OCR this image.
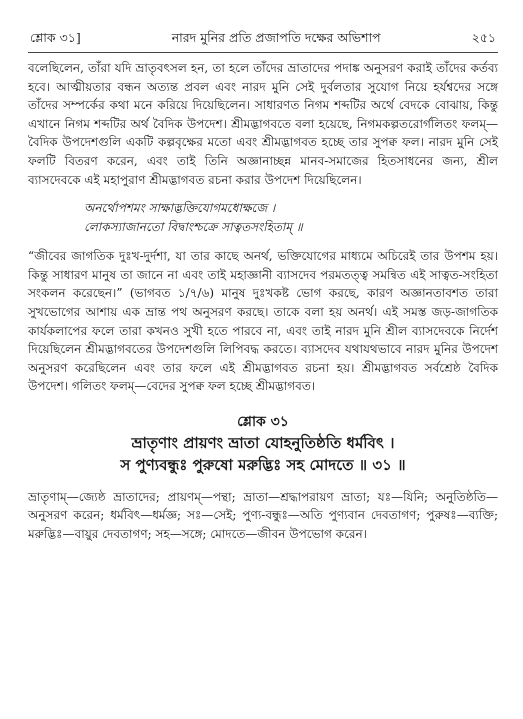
শ্লোক ৩১]	নারদ মুনির প্রতি প্রজাপতি দক্ষের অভিশাপ	২৫১

বলেছিলেন, তাঁরা যদি ভ্রাতৃবৎসল হন, তা হলে তাঁদের ভ্রাতাদের পদাঙ্ক অনুসরণ করাই তাঁদের কর্তব্য হবে। আত্মীয়তার বন্ধন অত্যন্ত প্রবল এবং নারদ মুনি সেই দুর্বলতার সুযোগ নিয়ে হর্যশ্বদের সঙ্গে তাঁদের সম্পর্কের কথা মনে করিয়ে দিয়েছিলেন। সাধারণত নিগম শব্দটির অর্থে বেদকে বোঝায়, কিন্তু এখানে নিগম শব্দটির অর্থ বৈদিক উপদেশ। শ্রীমদ্ভাগবতে বলা হয়েছে, নিগমকল্পতরোর্গলিতং ফলম্—বৈদিক উপদেশগুলি একটি কল্পবৃক্ষের মতো এবং শ্রীমদ্ভাগবত হচ্ছে তার সুপক্ব ফল। নারদ মুনি সেই ফলটি বিতরণ করেন, এবং তাই তিনি অজ্ঞানাচ্ছন্ন মানব-সমাজের হিতসাধনের জন্য, শ্রীল ব্যাসদেবকে এই মহাপুরাণ শ্রীমদ্ভাগবত রচনা করার উপদেশ দিয়েছিলেন।

অনর্থোপশমং সাক্ষাদ্ভক্তিযোগমধোক্ষজে ।
লোকস্যাজানতো বিদ্বাংশ্চক্রে সাত্বতসংহিতাম্ ॥

“জীবের জাগতিক দুঃখ-দুর্দশা, যা তার কাছে অনর্থ, ভক্তিযোগের মাধ্যমে অচিরেই তার উপশম হয়। কিন্তু সাধারণ মানুষ তা জানে না এবং তাই মহাজ্ঞানী ব্যাসদেব পরমতত্ত্ব সমন্বিত এই সাত্বত-সংহিতা সংকলন করেছেন।” (ভাগবত ১/৭/৬) মানুষ দুঃখকষ্ট ভোগ করছে, কারণ অজ্ঞানতাবশত তারা সুখভোগের আশায় এক ভ্রান্ত পথ অনুসরণ করছে। তাকে বলা হয় অনর্থ। এই সমস্ত জড়-জাগতিক কার্যকলাপের ফলে তারা কখনও সুখী হতে পারবে না, এবং তাই নারদ মুনি শ্রীল ব্যাসদেবকে নির্দেশ দিয়েছিলেন শ্রীমদ্ভাগবতের উপদেশগুলি লিপিবদ্ধ করতে। ব্যাসদেব যথাযথভাবে নারদ মুনির উপদেশ অনুসরণ করেছিলেন এবং তার ফলে এই শ্রীমদ্ভাগবত রচনা হয়। শ্রীমদ্ভাগবত সর্বশ্রেষ্ঠ বৈদিক উপদেশ। গলিতং ফলম্—বেদের সুপক্ব ফল হচ্ছে শ্রীমদ্ভাগবত।

শ্লোক ৩১
ভ্রাতৃণাং প্রায়ণং ভ্রাতা যোহনুতিষ্ঠতি ধর্মবিৎ ।
স পুণ্যবন্ধুঃ পুরুষো মরুদ্ভিঃ সহ মোদতে ॥ ৩১ ॥

ভ্রাতৃণাম্—জ্যেষ্ঠ ভ্রাতাদের; প্রায়ণম্—পন্থা; ভ্রাতা—শ্রদ্ধাপরায়ণ ভ্রাতা; যঃ—যিনি; অনুতিষ্ঠতি—অনুসরণ করেন; ধর্মবিৎ—ধর্মজ্ঞ; সঃ—সেই; পুণ্য-বন্ধুঃ—অতি পুণ্যবান দেবতাগণ; পুরুষঃ—ব্যক্তি; মরুদ্ভিঃ—বায়ুর দেবতাগণ; সহ—সঙ্গে; মোদতে—জীবন উপভোগ করেন।
